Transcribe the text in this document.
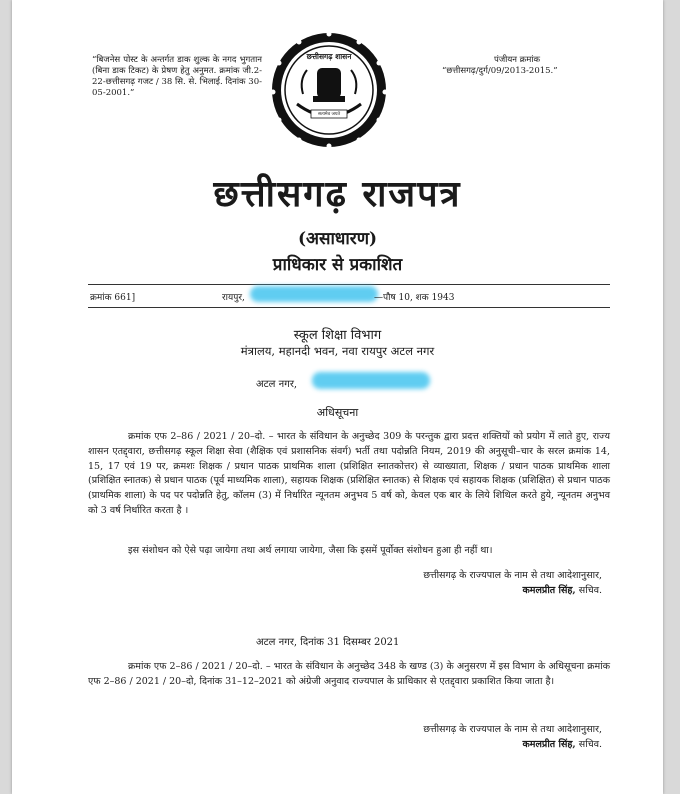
“बिजनेस पोस्ट के अन्तर्गत डाक शुल्क के नगद भुगतान (बिना डाक टिकट) के प्रेषण हेतु अनुमत. क्रमांक जी.2-22-छत्तीसगढ़ गजट / 38 सि. से. भिलाई. दिनांक 30-05-2001.”
छत्तीसगढ़ शासन
सत्यमेव जयते
पंजीयन क्रमांक
“छत्तीसगढ़/दुर्ग/09/2013-2015.”
छत्तीसगढ़ राजपत्र
(असाधारण)
प्राधिकार से प्रकाशित
क्रमांक 661]	रायपुर,	—पौष 10, शक 1943
स्कूल शिक्षा विभाग
मंत्रालय, महानदी भवन, नवा रायपुर अटल नगर
अटल नगर,
अधिसूचना
क्रमांक एफ 2–86 / 2021 / 20–दो. – भारत के संविधान के अनुच्छेद 309 के परन्तुक द्वारा प्रदत्त शक्तियों को प्रयोग में लाते हुए, राज्य शासन एतद्द्वारा, छत्तीसगढ़ स्कूल शिक्षा सेवा (शैक्षिक एवं प्रशासनिक संवर्ग) भर्ती तथा पदोन्नति नियम, 2019 की अनुसूची–चार के सरल क्रमांक 14, 15, 17 एवं 19 पर, क्रमशः शिक्षक / प्रधान पाठक प्राथमिक शाला (प्रशिक्षित स्नातकोत्तर) से व्याख्याता, शिक्षक / प्रधान पाठक प्राथमिक शाला (प्रशिक्षित स्नातक) से प्रधान पाठक (पूर्व माध्यमिक शाला), सहायक शिक्षक (प्रशिक्षित स्नातक) से शिक्षक एवं सहायक शिक्षक (प्रशिक्षित) से प्रधान पाठक (प्राथमिक शाला) के पद पर पदोन्नति हेतु, कॉलम (3) में निर्धारित न्यूनतम अनुभव 5 वर्ष को, केवल एक बार के लिये शिथिल करते हुये, न्यूनतम अनुभव को 3 वर्ष निर्धारित करता है ।
इस संशोधन को ऐसे पढ़ा जायेगा तथा अर्थ लगाया जायेगा, जैसा कि इसमें पूर्वोक्त संशोधन हुआ ही नहीं था।
छत्तीसगढ़ के राज्यपाल के नाम से तथा आदेशानुसार,
कमलप्रीत सिंह, सचिव.
अटल नगर, दिनांक 31 दिसम्बर 2021
क्रमांक एफ 2–86 / 2021 / 20–दो. – भारत के संविधान के अनुच्छेद 348 के खण्ड (3) के अनुसरण में इस विभाग के अधिसूचना क्रमांक एफ 2–86 / 2021 / 20–दो, दिनांक 31–12–2021 को अंग्रेजी अनुवाद राज्यपाल के प्राधिकार से एतद्द्वारा प्रकाशित किया जाता है।
छत्तीसगढ़ के राज्यपाल के नाम से तथा आदेशानुसार,
कमलप्रीत सिंह, सचिव.
